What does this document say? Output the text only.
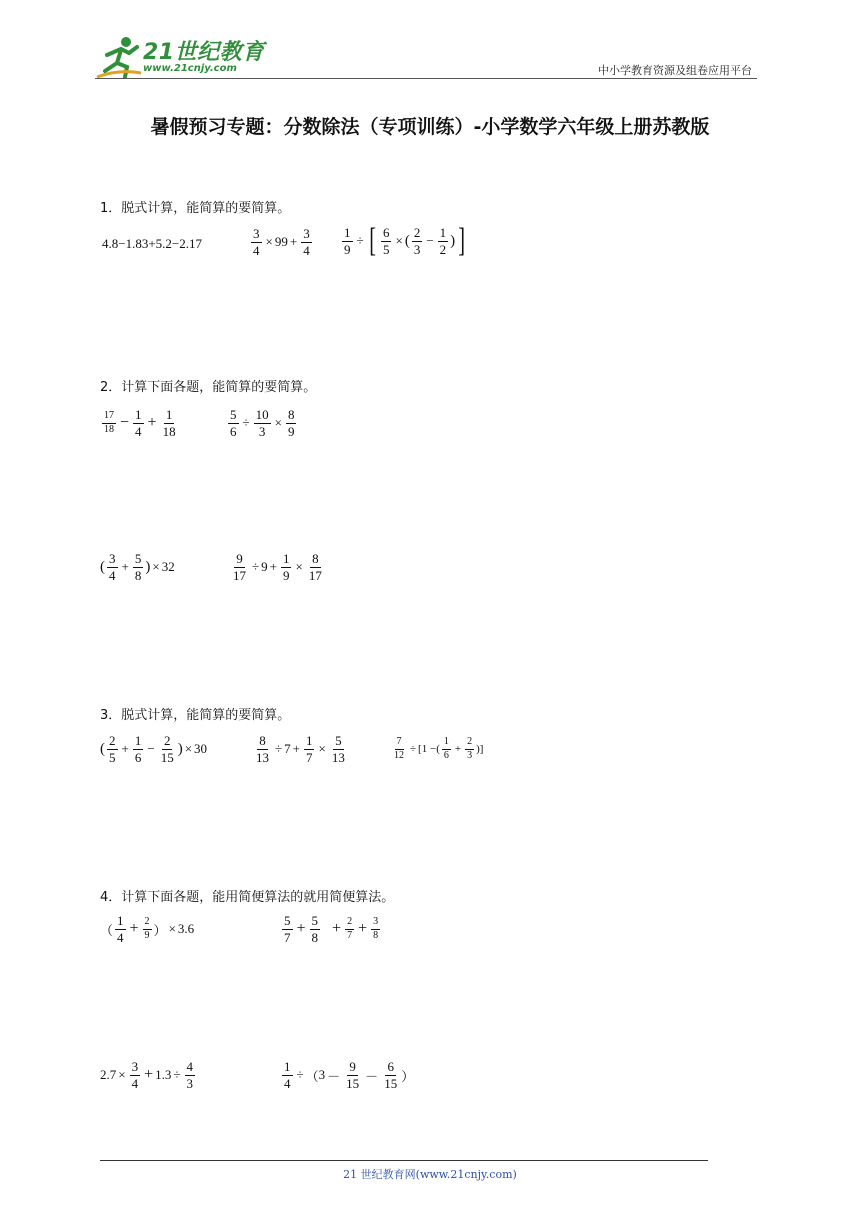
21世纪教育
www.21cnjy.com	中小学教育资源及组卷应用平台
暑假预习专题：分数除法（专项训练）-小学数学六年级上册苏教版
1．脱式计算，能简算的要简算。
4.8−1.83+5.2−2.17	$\frac{3}{4} \times 99 + \frac{3}{4} \frac{1}{9}$ ÷ [ $\frac{6}{5}$ × ( $\frac{2}{3} - \frac{1}{2}$ ) ]
2．计算下面各题，能简算的要简算。
$\frac{17}{18} - \frac{1}{4} + \frac{1}{18}$	$\frac{5}{6} \div \frac{10}{3} \times \frac{8}{9}$
( $\frac{3}{4} + \frac{5}{8}$ ) × 32	$\frac{9}{17} \div 9 + \frac{1}{9} \times \frac{8}{17}$
3．脱式计算，能简算的要简算。
( $\frac{2}{5} + \frac{1}{6} - \frac{2}{15}$ ) × 30	$\frac{8}{13} \div 7 + \frac{1}{7} \times \frac{5}{13}$	$\frac{7}{12}$ ÷ [ 1 − ( $\frac{1}{6} + \frac{2}{3}$ )]
4．计算下面各题，能用简便算法的就用简便算法。
（ $\frac{1}{4} + \frac{2}{9}$ ） × 3.6	$\frac{5}{7} + \frac{5}{8} + \frac{2}{7} + \frac{3}{8}$
$2.7 \times \frac{3}{4} + 1.3 \div \frac{4}{3}$	$\frac{1}{4}$ ÷ （ $3 - \frac{9}{15} - \frac{6}{15}$ ）
21 世纪教育网(www.21cnjy.com)
